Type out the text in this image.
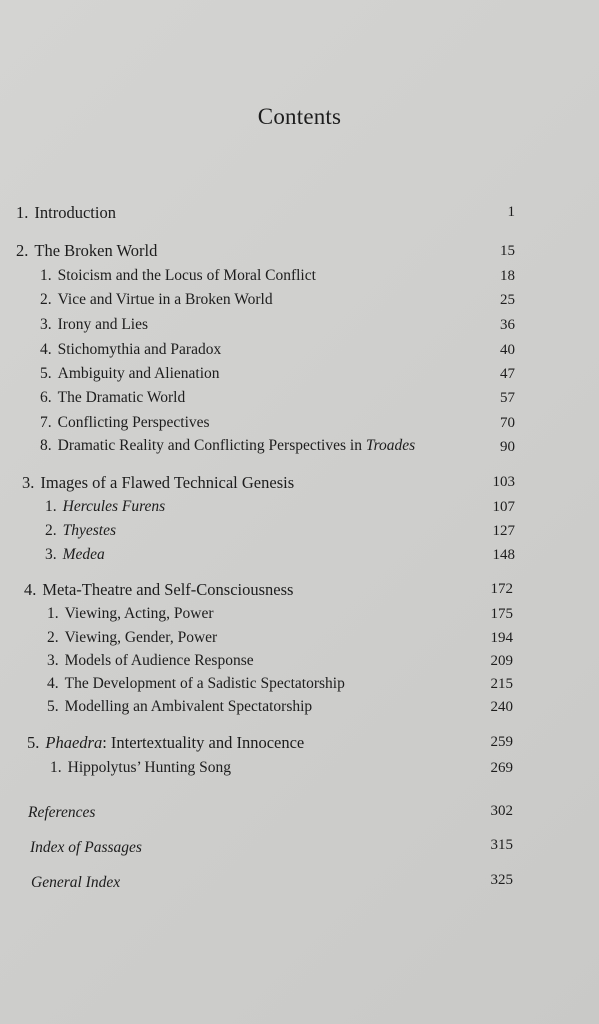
Contents
1. Introduction	1
2. The Broken World	15
1. Stoicism and the Locus of Moral Conflict	18
2. Vice and Virtue in a Broken World	25
3. Irony and Lies	36
4. Stichomythia and Paradox	40
5. Ambiguity and Alienation	47
6. The Dramatic World	57
7. Conflicting Perspectives	70
8. Dramatic Reality and Conflicting Perspectives in Troades	90
3. Images of a Flawed Technical Genesis	103
1. Hercules Furens	107
2. Thyestes	127
3. Medea	148
4. Meta-Theatre and Self-Consciousness	172
1. Viewing, Acting, Power	175
2. Viewing, Gender, Power	194
3. Models of Audience Response	209
4. The Development of a Sadistic Spectatorship	215
5. Modelling an Ambivalent Spectatorship	240
5. Phaedra: Intertextuality and Innocence	259
1. Hippolytus’ Hunting Song	269
References	302
Index of Passages	315
General Index	325
